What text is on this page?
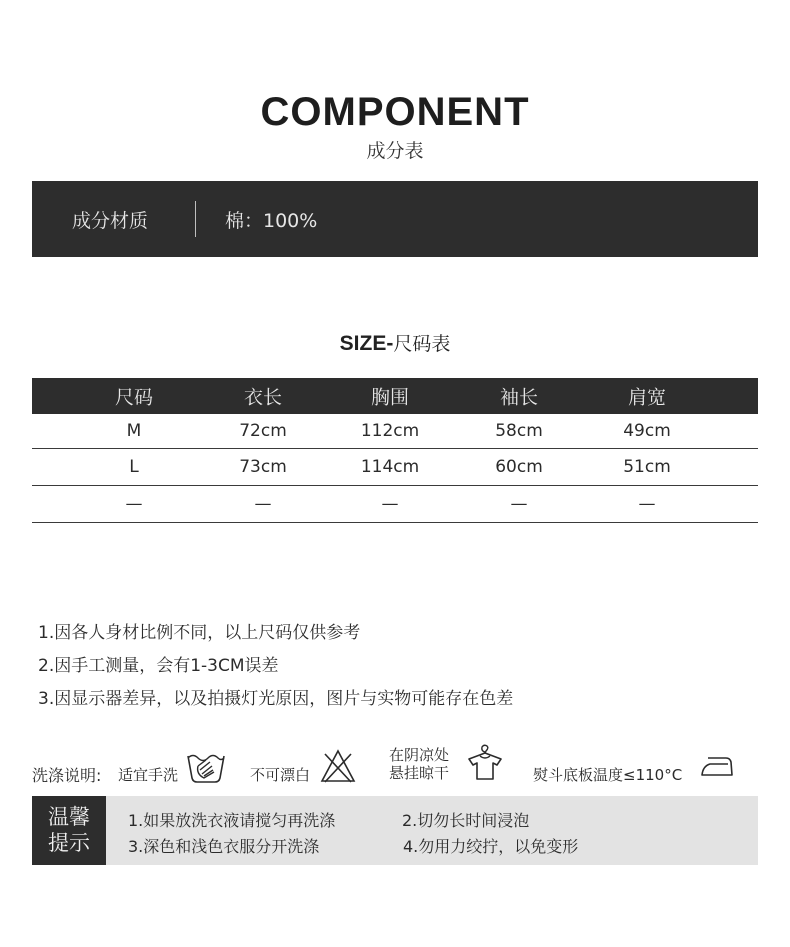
COMPONENT
成分表
成分材质	棉：100%
SIZE-尺码表
尺码	衣长	胸围	袖长	肩宽
M	72cm	112cm	58cm	49cm
L	73cm	114cm	60cm	51cm
—	—	—	—	—
1.因各人身材比例不同，以上尺码仅供参考
2.因手工测量，会有1-3CM误差
3.因显示器差异，以及拍摄灯光原因，图片与实物可能存在色差
洗涤说明: 适宜手洗	不可漂白
在阴凉处
悬挂晾干	熨斗底板温度≤110°C
温馨
提示
1.如果放洗衣液请搅匀再洗涤	2.切勿长时间浸泡
3.深色和浅色衣服分开洗涤	4.勿用力绞拧，以免变形
